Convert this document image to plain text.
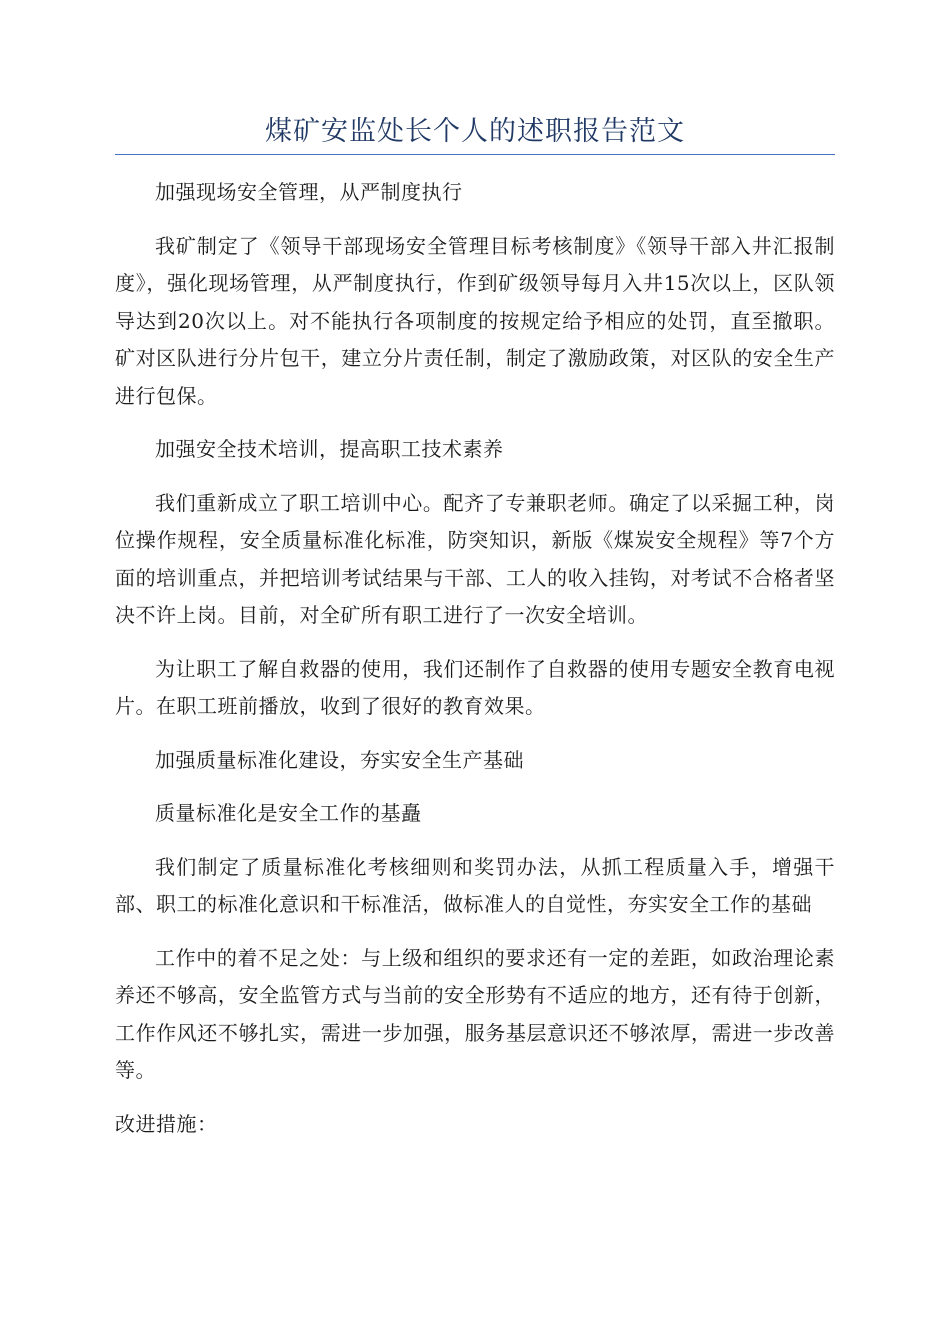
煤矿安监处长个人的述职报告范文

加强现场安全管理，从严制度执行

我矿制定了《领导干部现场安全管理目标考核制度》《领导干部入井汇报制度》，强化现场管理，从严制度执行，作到矿级领导每月入井15次以上，区队领导达到20次以上。对不能执行各项制度的按规定给予相应的处罚，直至撤职。矿对区队进行分片包干，建立分片责任制，制定了激励政策，对区队的安全生产进行包保。

加强安全技术培训，提高职工技术素养

我们重新成立了职工培训中心。配齐了专兼职老师。确定了以采掘工种，岗位操作规程，安全质量标准化标准，防突知识，新版《煤炭安全规程》等7个方面的培训重点，并把培训考试结果与干部、工人的收入挂钩，对考试不合格者坚决不许上岗。目前，对全矿所有职工进行了一次安全培训。

为让职工了解自救器的使用，我们还制作了自救器的使用专题安全教育电视片。在职工班前播放，收到了很好的教育效果。

加强质量标准化建设，夯实安全生产基础

质量标准化是安全工作的基矗

我们制定了质量标准化考核细则和奖罚办法，从抓工程质量入手，增强干部、职工的标准化意识和干标准活，做标准人的自觉性，夯实安全工作的基础

工作中的着不足之处：与上级和组织的要求还有一定的差距，如政治理论素养还不够高，安全监管方式与当前的安全形势有不适应的地方，还有待于创新，工作作风还不够扎实，需进一步加强，服务基层意识还不够浓厚，需进一步改善等。

改进措施：
